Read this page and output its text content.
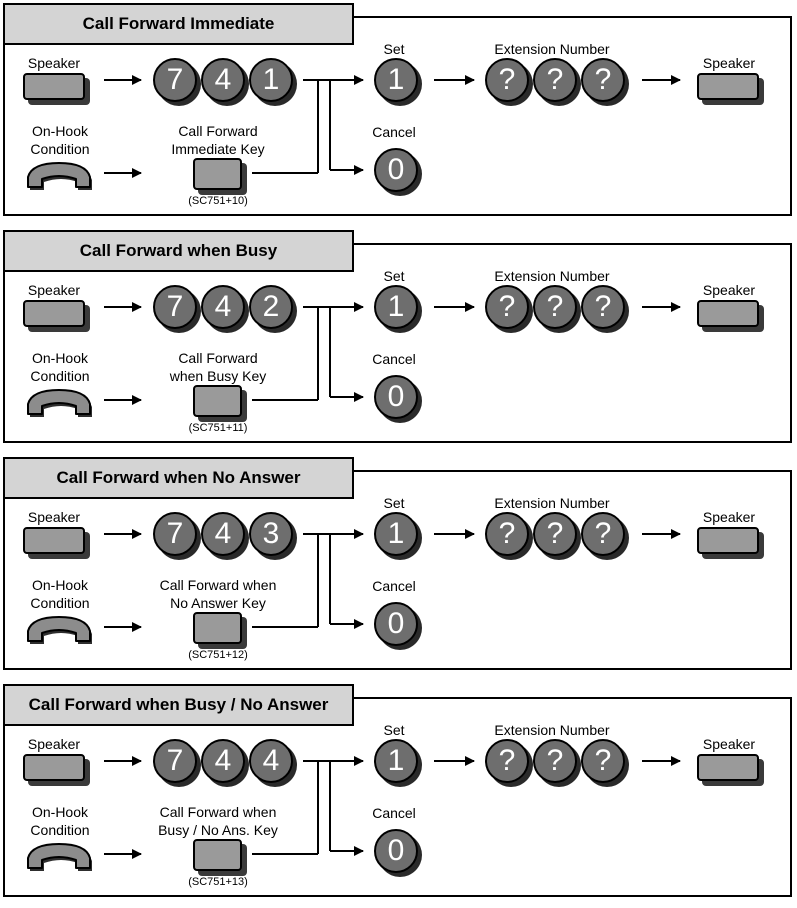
Call Forward Immediate
Speaker
On-Hook
Condition
7	4	1
Call Forward
Immediate Key
(SC751+10)
Set
1
Cancel
0
Extension Number
?	?	?	Speaker
Call Forward when Busy
Speaker
On-Hook
Condition
7	4	2
Call Forward
when Busy Key
(SC751+11)
Set
1
Cancel
0
Extension Number
?	?	?	Speaker
Call Forward when No Answer
Speaker
On-Hook
Condition
7	4	3
Call Forward when
No Answer Key
(SC751+12)
Set
1
Cancel
0
Extension Number
?	?	?	Speaker
Call Forward when Busy / No Answer
Speaker
On-Hook
Condition
7	4	4
Call Forward when
Busy / No Ans. Key
(SC751+13)
Set
1
Cancel
0
Extension Number
?	?	?	Speaker
